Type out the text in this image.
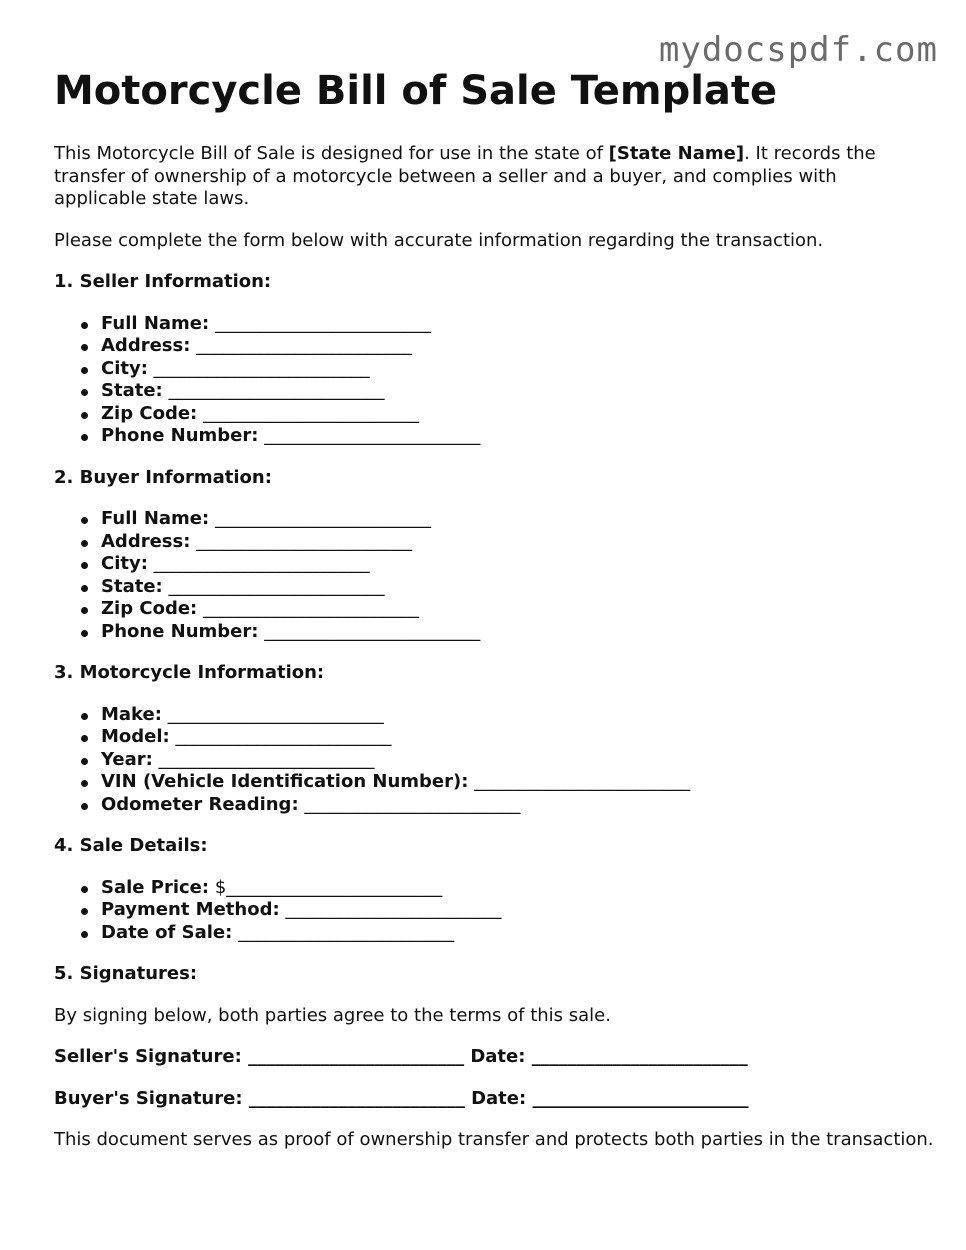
mydocspdf.com
Motorcycle Bill of Sale Template

This Motorcycle Bill of Sale is designed for use in the state of [State Name]. It records the transfer of ownership of a motorcycle between a seller and a buyer, and complies with applicable state laws.

Please complete the form below with accurate information regarding the transaction.

1. Seller Information:
Full Name: ________________________
Address: ________________________
City: ________________________
State: ________________________
Zip Code: ________________________
Phone Number: ________________________
2. Buyer Information:
Full Name: ________________________
Address: ________________________
City: ________________________
State: ________________________
Zip Code: ________________________
Phone Number: ________________________
3. Motorcycle Information:
Make: ________________________
Model: ________________________
Year: ________________________
VIN (Vehicle Identification Number): ________________________
Odometer Reading: ________________________
4. Sale Details:
Sale Price: $________________________
Payment Method: ________________________
Date of Sale: ________________________
5. Signatures:

By signing below, both parties agree to the terms of this sale.

Seller's Signature: ________________________ Date: ________________________
Buyer's Signature: ________________________ Date: ________________________

This document serves as proof of ownership transfer and protects both parties in the transaction.
